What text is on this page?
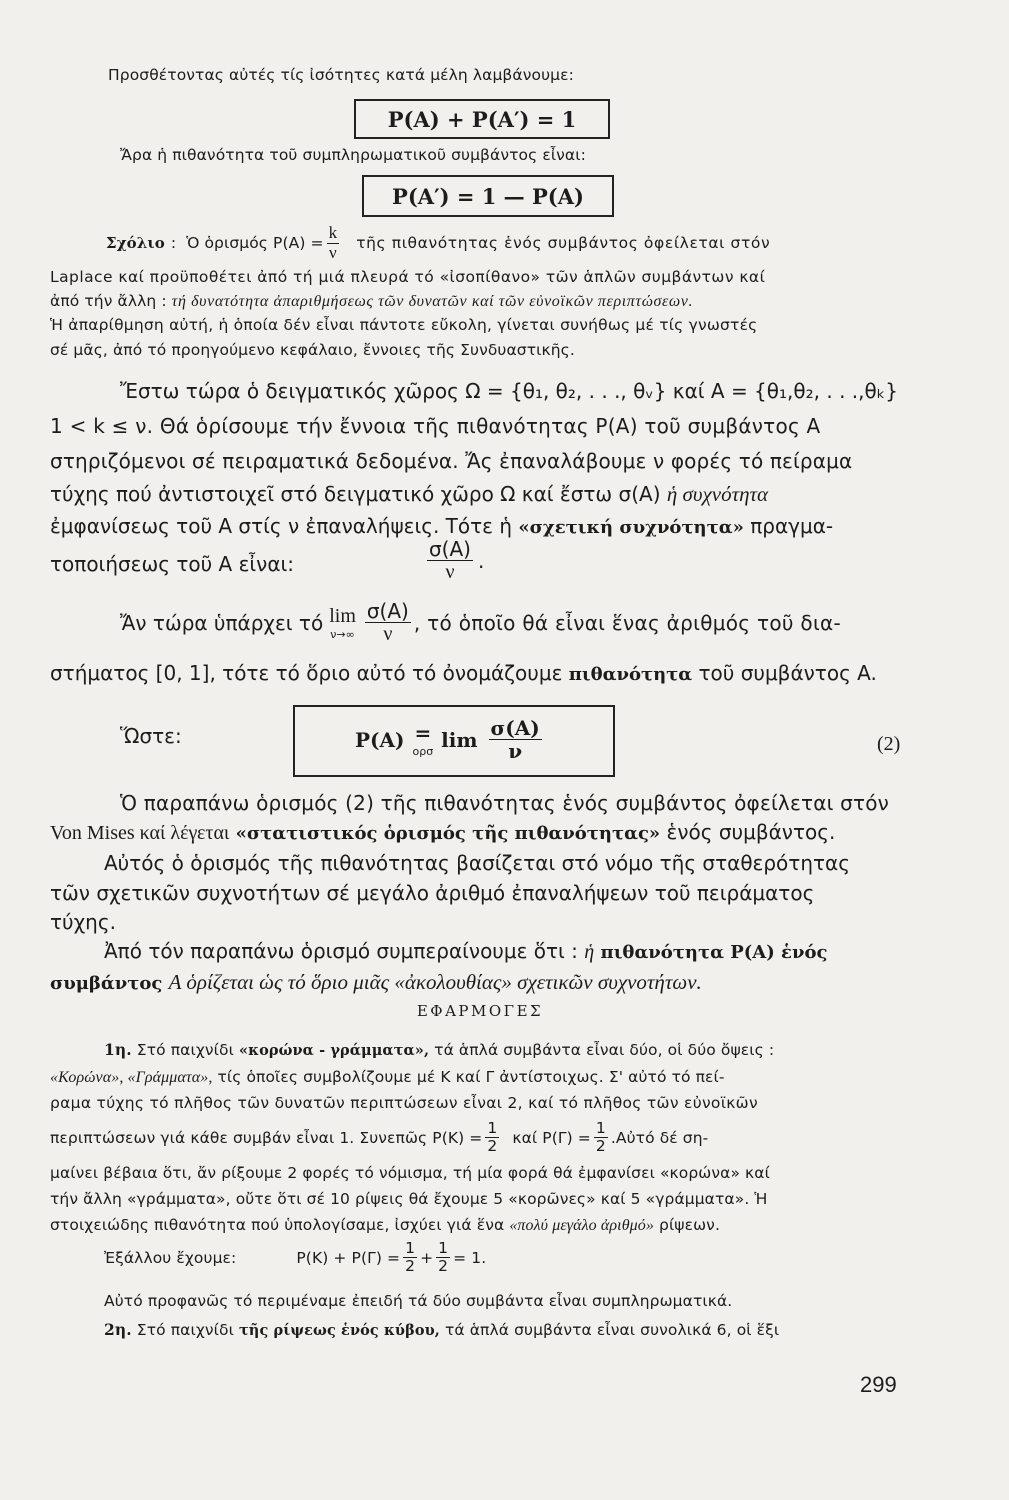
Προσθέτοντας αὐτές τίς ἰσότητες κατά μέλη λαμβάνουμε:
P(A) + P(A′) = 1
Ἄρα ἡ πιθανότητα τοῦ συμπληρωματικοῦ συμβάντος εἶναι:
P(A′) = 1 — P(A)
Σχόλιο : Ὁ ὁρισμός $P(A) = \frac{k}{\nu}$ τῆς πιθανότητας ἑνός συμβάντος ὀφείλεται στόν
Laplace καί προϋποθέτει ἀπό τή μιά πλευρά τό «ἰσοπίθανο» τῶν ἁπλῶν συμβάντων καί
ἀπό τήν ἄλλη : τή δυνατότητα ἀπαριθμήσεως τῶν δυνατῶν καί τῶν εὐνοϊκῶν περιπτώσεων.
Ἡ ἀπαρίθμηση αὐτή, ἡ ὁποία δέν εἶναι πάντοτε εὔκολη, γίνεται συνήθως μέ τίς γνωστές
σέ μᾶς, ἀπό τό προηγούμενο κεφάλαιο, ἔννοιες τῆς Συνδυαστικῆς.
Ἔστω τώρα ὁ δειγματικός χῶρος Ω = {θ₁, θ₂, . . ., θᵥ} καί A = {θ₁,θ₂, . . .,θₖ}
1 < k ≤ ν. Θά ὁρίσουμε τήν ἔννοια τῆς πιθανότητας P(A) τοῦ συμβάντος A
στηριζόμενοι σέ πειραματικά δεδομένα. Ἄς ἐπαναλάβουμε ν φορές τό πείραμα
τύχης πού ἀντιστοιχεῖ στό δειγματικό χῶρο Ω καί ἔστω σ(A) ἡ συχνότητα
ἐμφανίσεως τοῦ A στίς ν ἐπαναλήψεις. Τότε ἡ «σχετική συχνότητα» πραγμα-
τοποιήσεως τοῦ A εἶναι:	$\frac{\sigma(A)}{\nu}$ .
Ἄν τώρα ὑπάρχει τό lim
$\nu\to\infty \frac{\sigma(A)}{\nu}$ , τό ὁποῖο θά εἶναι ἕνας ἀριθμός τοῦ δια-
στήματος [0, 1], τότε τό ὅριο αὐτό τό ὀνομάζουμε πιθανότητα τοῦ συμβάντος A.
Ὥστε:	P(A) =
ορσ $\lim \frac{\sigma(A)}{\nu}$	(2)
Ὁ παραπάνω ὁρισμός (2) τῆς πιθανότητας ἑνός συμβάντος ὀφείλεται στόν
Von Mises καί λέγεται «στατιστικός ὁρισμός τῆς πιθανότητας» ἑνός συμβάντος.
Αὐτός ὁ ὁρισμός τῆς πιθανότητας βασίζεται στό νόμο τῆς σταθερότητας
τῶν σχετικῶν συχνοτήτων σέ μεγάλο ἀριθμό ἐπαναλήψεων τοῦ πειράματος
τύχης.
Ἀπό τόν παραπάνω ὁρισμό συμπεραίνουμε ὅτι : ἡ πιθανότητα P(A) ἑνός
συμβάντος A ὁρίζεται ὡς τό ὅριο μιᾶς «ἀκολουθίας» σχετικῶν συχνοτήτων.
ΕΦΑΡΜΟΓΕΣ
1η. Στό παιχνίδι «κορώνα - γράμματα», τά ἁπλά συμβάντα εἶναι δύο, οἱ δύο ὄψεις :
«Κορώνα», «Γράμματα», τίς ὁποῖες συμβολίζουμε μέ K καί Γ ἀντίστοιχως. Σ' αὐτό τό πεί-
ραμα τύχης τό πλῆθος τῶν δυνατῶν περιπτώσεων εἶναι 2, καί τό πλῆθος τῶν εὐνοϊκῶν
περιπτώσεων γιά κάθε συμβάν εἶναι 1. Συνεπῶς $P(K) = \frac{1}{2}$ καί $P(\Gamma) = \frac{1}{2}$ .Αὐτό δέ ση-
μαίνει βέβαια ὅτι, ἄν ρίξουμε 2 φορές τό νόμισμα, τή μία φορά θά ἐμφανίσει «κορώνα» καί
τήν ἄλλη «γράμματα», οὔτε ὅτι σέ 10 ρίψεις θά ἔχουμε 5 «κορῶνες» καί 5 «γράμματα». Ἡ
στοιχειώδης πιθανότητα πού ὑπολογίσαμε, ἰσχύει γιά ἕνα «πολύ μεγάλο ἀριθμό» ρίψεων.
Ἐξάλλου ἔχουμε:	$P(K) + P(\Gamma) = \frac{1}{2} + \frac{1}{2} = 1$.
Αὐτό προφανῶς τό περιμέναμε ἐπειδή τά δύο συμβάντα εἶναι συμπληρωματικά.
2η. Στό παιχνίδι τῆς ρίψεως ἑνός κύβου, τά ἁπλά συμβάντα εἶναι συνολικά 6, οἱ ἕξι
299
